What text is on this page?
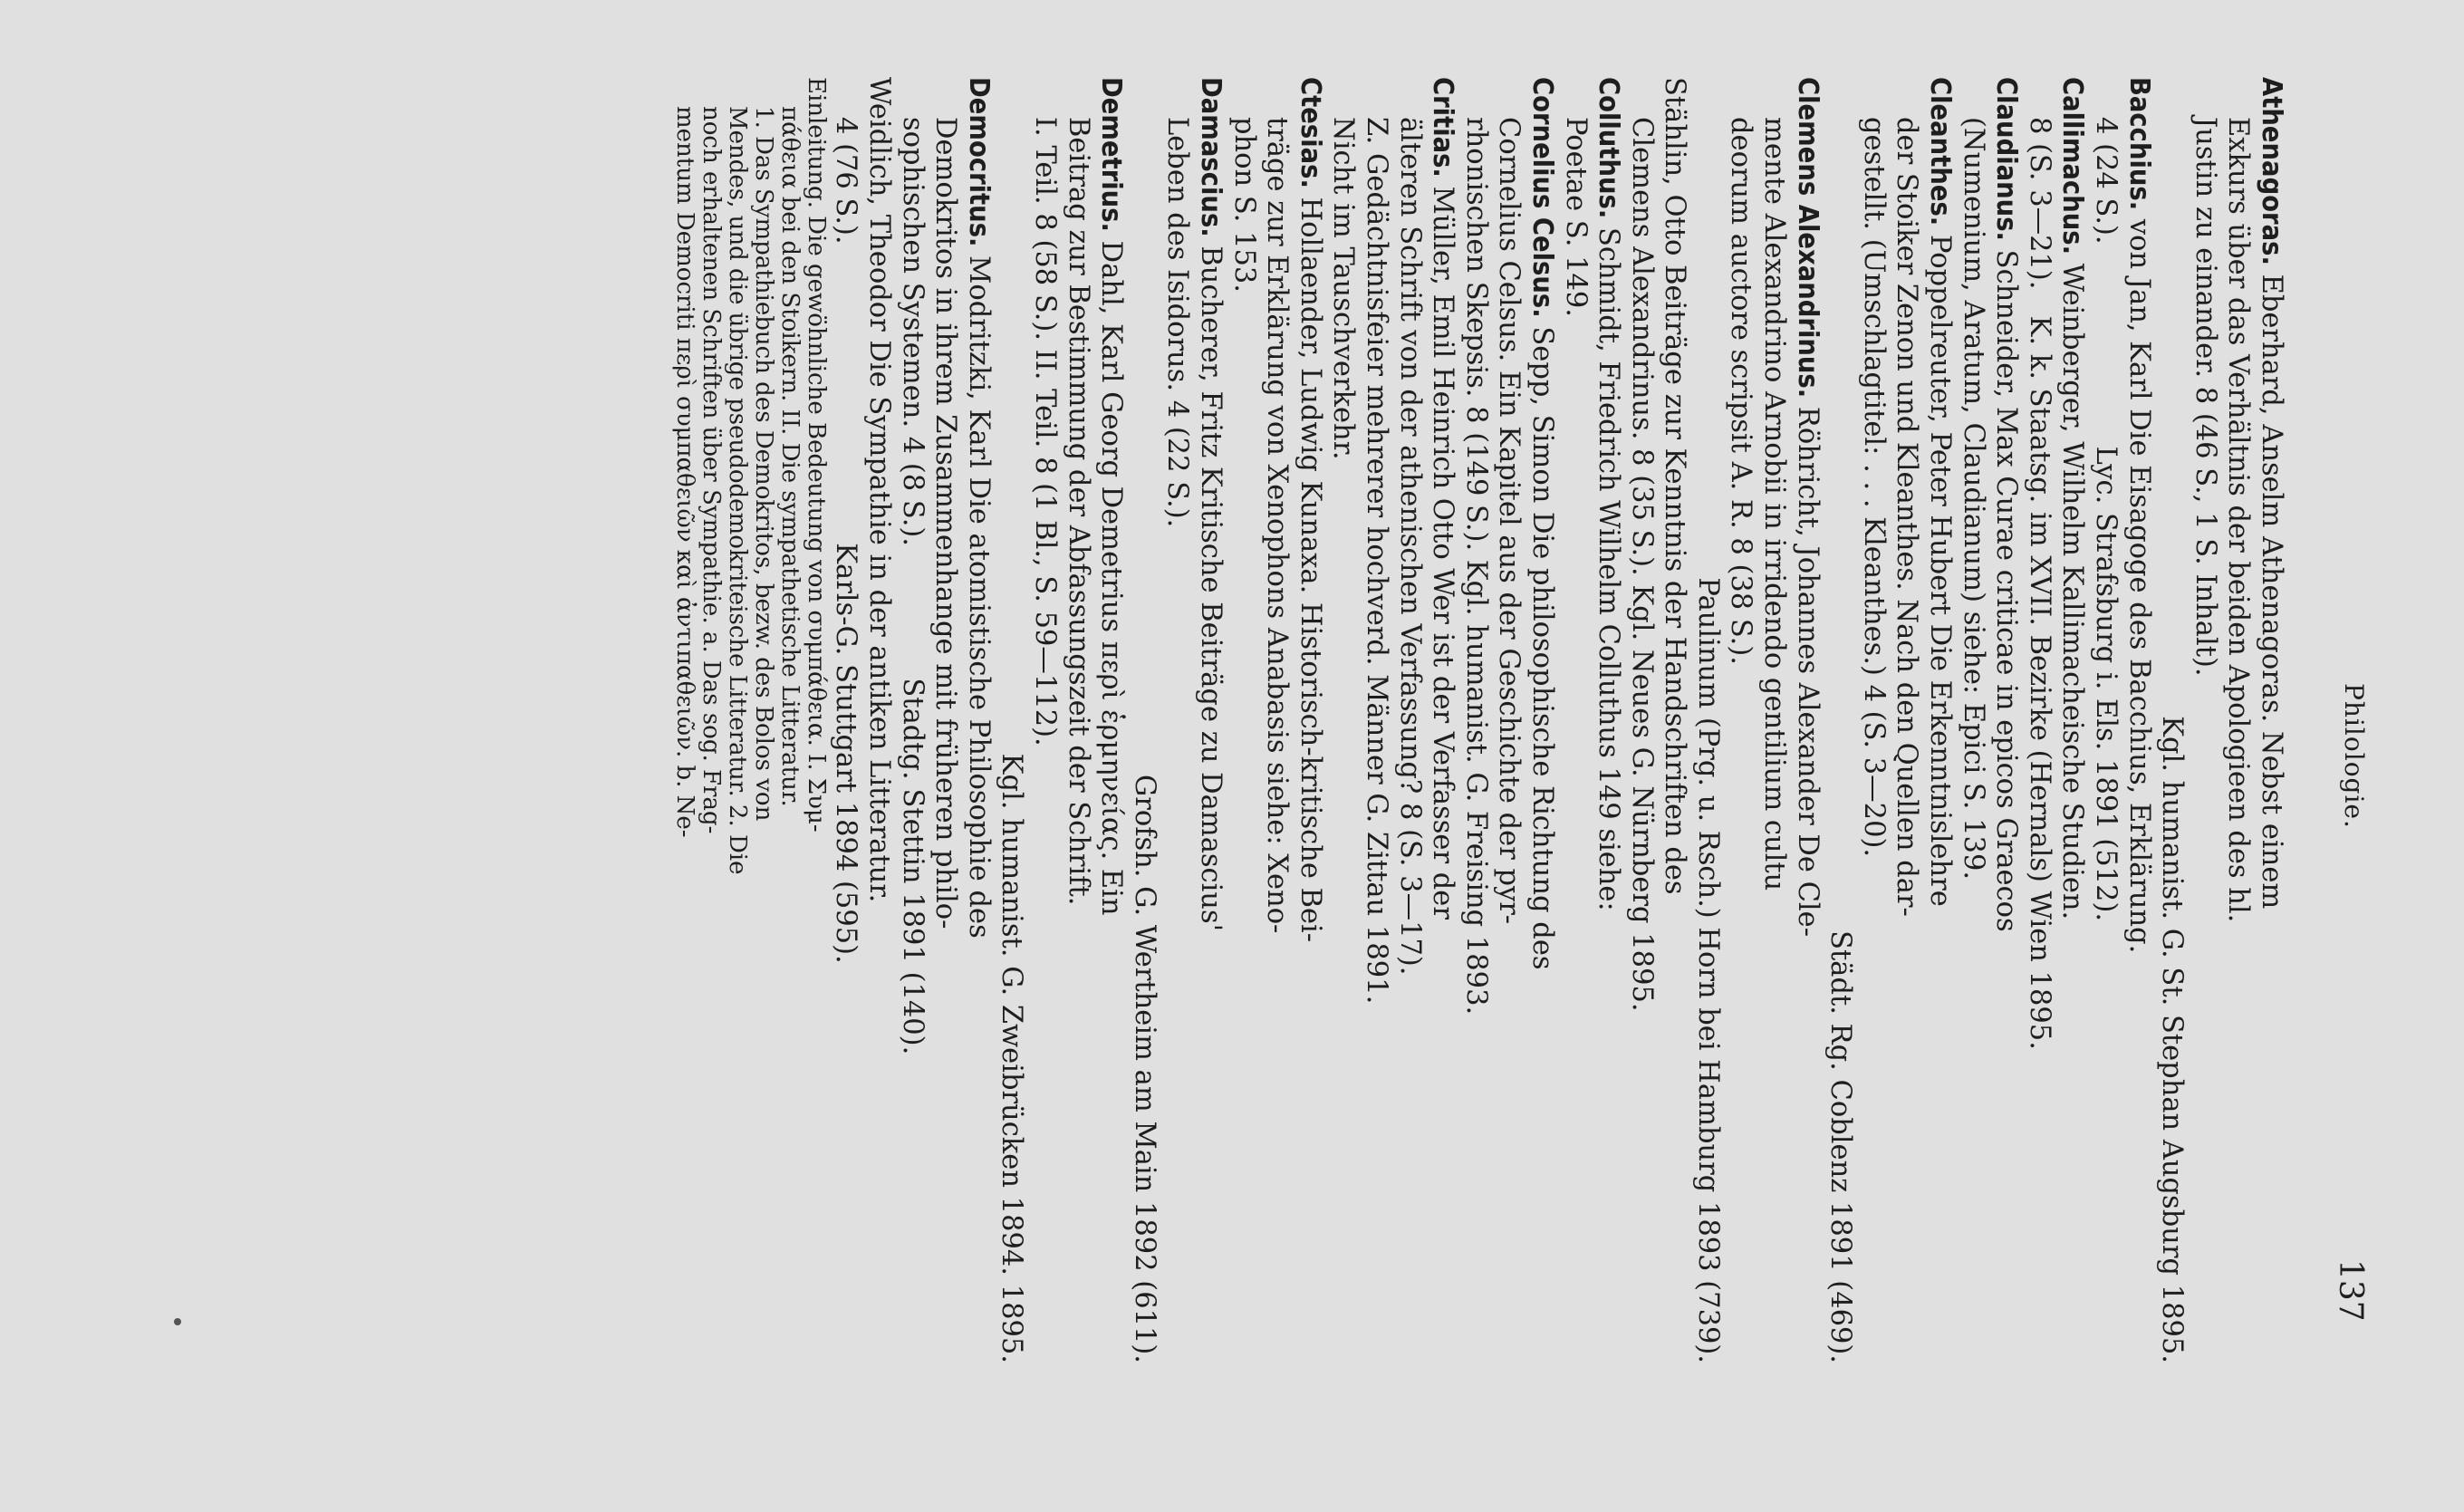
Philologie.
137
Athenagoras. Eberhard, Anselm Athenagoras. Nebst einem
Exkurs über das Verhältnis der beiden Apologieen des hl.
Justin zu einander. 8 (46 S., 1 S. Inhalt).
Kgl. humanist. G. St. Stephan Augsburg 1895.
Bacchius. von Jan, Karl Die Eisagoge des Bacchius, Erklärung.
4 (24 S.).                       Lyc. Strafsburg i. Els. 1891 (512).
Callimachus. Weinberger, Wilhelm Kallimacheische Studien.
8 (S. 3—21).   K. k. Staatsg. im XVII. Bezirke (Hernals) Wien 1895.
Claudianus. Schneider, Max Curae criticae in epicos Graecos
(Numenium, Aratum, Claudianum) siehe: Epici S. 139.
Cleanthes. Poppelreuter, Peter Hubert Die Erkenntnislehre
der Stoiker Zenon und Kleanthes. Nach den Quellen dar-
gestellt. (Umschlagtitel: . . . Kleanthes.) 4 (S. 3—20).
Städt. Rg. Coblenz 1891 (469).
Clemens Alexandrinus. Röhricht, Johannes Alexander De Cle-
mente Alexandrino Arnobii in irridendo gentilium cultu
deorum auctore scripsit A. R. 8 (38 S.).
Paulinum (Prg. u. Rsch.) Horn bei Hamburg 1893 (739).
Stählin, Otto Beiträge zur Kenntnis der Handschriften des
Clemens Alexandrinus. 8 (35 S.). Kgl. Neues G. Nürnberg 1895.
Colluthus. Schmidt, Friedrich Wilhelm Colluthus 149 siehe:
Poetae S. 149.
Cornelius Celsus. Sepp, Simon Die philosophische Richtung des
Cornelius Celsus. Ein Kapitel aus der Geschichte der pyr-
rhonischen Skepsis. 8 (149 S.). Kgl. humanist. G. Freising 1893.
Critias. Müller, Emil Heinrich Otto Wer ist der Verfasser der
älteren Schrift von der athenischen Verfassung? 8 (S. 3—17).
Z. Gedächtnisfeier mehrerer hochverd. Männer G. Zittau 1891.
Nicht im Tauschverkehr.
Ctesias. Hollaender, Ludwig Kunaxa. Historisch-kritische Bei-
träge zur Erklärung von Xenophons Anabasis siehe: Xeno-
phon S. 153.
Damascius. Bucherer, Fritz Kritische Beiträge zu Damascius'
Leben des Isidorus. 4 (22 S.).
Grofsh. G. Wertheim am Main 1892 (611).
Demetrius. Dahl, Karl Georg Demetrius περὶ ἑρμηνείας. Ein
Beitrag zur Bestimmung der Abfassungszeit der Schrift.
I. Teil. 8 (58 S.). II. Teil. 8 (1 Bl., S. 59—112).
Kgl. humanist. G. Zweibrücken 1894. 1895.
Democritus. Modritzki, Karl Die atomistische Philosophie des
Demokritos in ihrem Zusammenhange mit früheren philo-
sophischen Systemen. 4 (8 S.).               Stadtg. Stettin 1891 (140).
Weidlich, Theodor Die Sympathie in der antiken Litteratur.
4 (76 S.).                                  Karls-G. Stuttgart 1894 (595).
Einleitung. Die gewöhnliche Bedeutung von συμπάθεια. I. Συμ-
πάθεια bei den Stoikern. II. Die sympathetische Litteratur.
1. Das Sympathiebuch des Demokritos, bezw. des Bolos von
Mendes, und die übrige pseudodemokriteische Litteratur. 2. Die
noch erhaltenen Schriften über Sympathie. a. Das sog. Frag-
mentum Democriti περὶ συμπαθειῶν καὶ ἀντιπαθειῶν. b. Ne-
